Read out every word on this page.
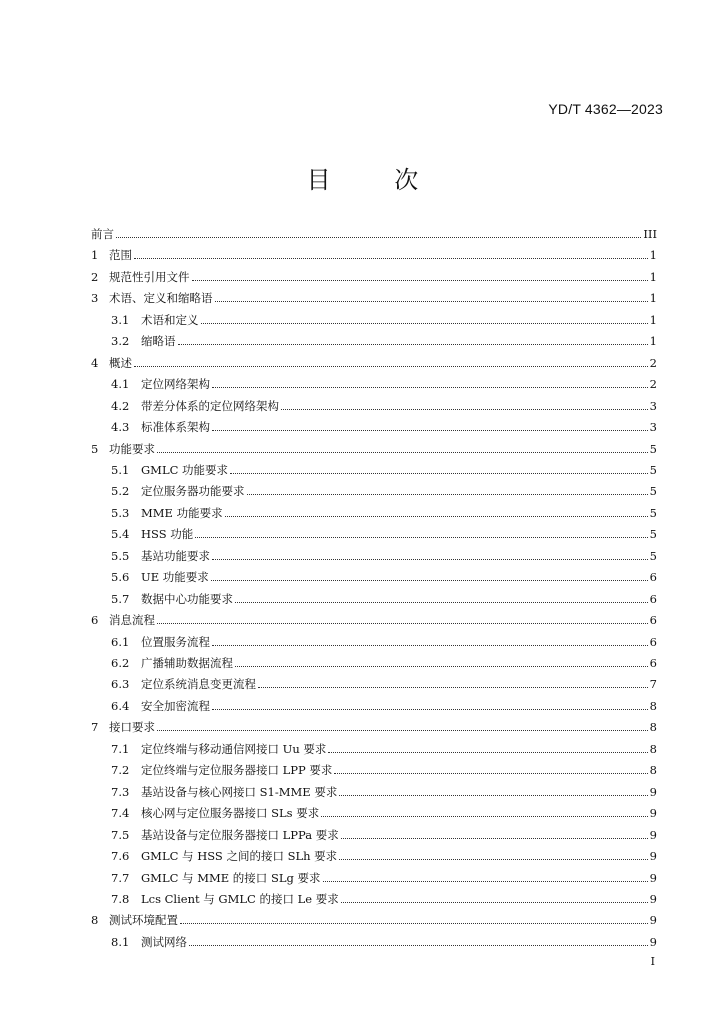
YD/T 4362—2023
目 次
前言	III
1 范围	1
2 规范性引用文件	1
3 术语、定义和缩略语	1
3.1	术语和定义	1
3.2	缩略语	1
4 概述	2
4.1	定位网络架构	2
4.2	带差分体系的定位网络架构	3
4.3	标准体系架构	3
5 功能要求	5
5.1	GMLC 功能要求	5
5.2	定位服务器功能要求	5
5.3	MME 功能要求	5
5.4	HSS 功能	5
5.5	基站功能要求	5
5.6	UE 功能要求	6
5.7	数据中心功能要求	6
6 消息流程	6
6.1	位置服务流程	6
6.2	广播辅助数据流程	6
6.3	定位系统消息变更流程	7
6.4	安全加密流程	8
7 接口要求	8
7.1	定位终端与移动通信网接口 Uu 要求	8
7.2	定位终端与定位服务器接口 LPP 要求	8
7.3	基站设备与核心网接口 S1-MME 要求	9
7.4	核心网与定位服务器接口 SLs 要求	9
7.5	基站设备与定位服务器接口 LPPa 要求	9
7.6	GMLC 与 HSS 之间的接口 SLh 要求	9
7.7	GMLC 与 MME 的接口 SLg 要求	9
7.8	Lcs Client 与 GMLC 的接口 Le 要求	9
8 测试环境配置	9
8.1	测试网络	9
I
